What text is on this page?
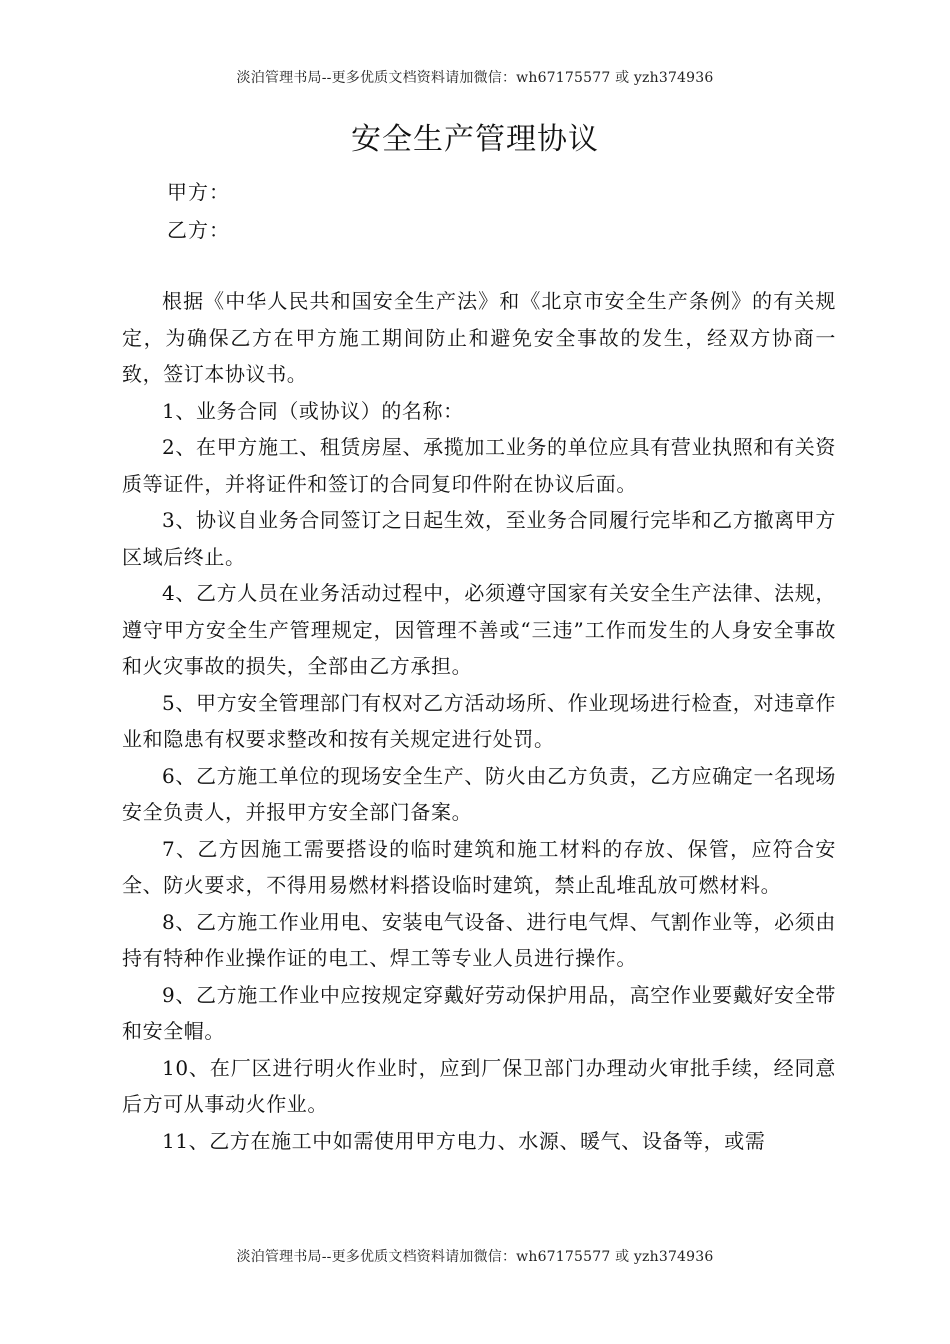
淡泊管理书局--更多优质文档资料请加微信：wh67175577 或 yzh374936
安全生产管理协议
甲方：
乙方：

根据《中华人民共和国安全生产法》和《北京市安全生产条例》的有关规定，为确保乙方在甲方施工期间防止和避免安全事故的发生，经双方协商一致，签订本协议书。

1、业务合同（或协议）的名称：

2、在甲方施工、租赁房屋、承揽加工业务的单位应具有营业执照和有关资质等证件，并将证件和签订的合同复印件附在协议后面。

3、协议自业务合同签订之日起生效，至业务合同履行完毕和乙方撤离甲方区域后终止。

4、乙方人员在业务活动过程中，必须遵守国家有关安全生产法律、法规，遵守甲方安全生产管理规定，因管理不善或“三违”工作而发生的人身安全事故和火灾事故的损失，全部由乙方承担。

5、甲方安全管理部门有权对乙方活动场所、作业现场进行检查，对违章作业和隐患有权要求整改和按有关规定进行处罚。

6、乙方施工单位的现场安全生产、防火由乙方负责，乙方应确定一名现场安全负责人，并报甲方安全部门备案。

7、乙方因施工需要搭设的临时建筑和施工材料的存放、保管，应符合安全、防火要求，不得用易燃材料搭设临时建筑，禁止乱堆乱放可燃材料。

8、乙方施工作业用电、安装电气设备、进行电气焊、气割作业等，必须由持有特种作业操作证的电工、焊工等专业人员进行操作。

9、乙方施工作业中应按规定穿戴好劳动保护用品，高空作业要戴好安全带和安全帽。

10、在厂区进行明火作业时，应到厂保卫部门办理动火审批手续，经同意后方可从事动火作业。

11、乙方在施工中如需使用甲方电力、水源、暖气、设备等，或需

淡泊管理书局--更多优质文档资料请加微信：wh67175577 或 yzh374936
